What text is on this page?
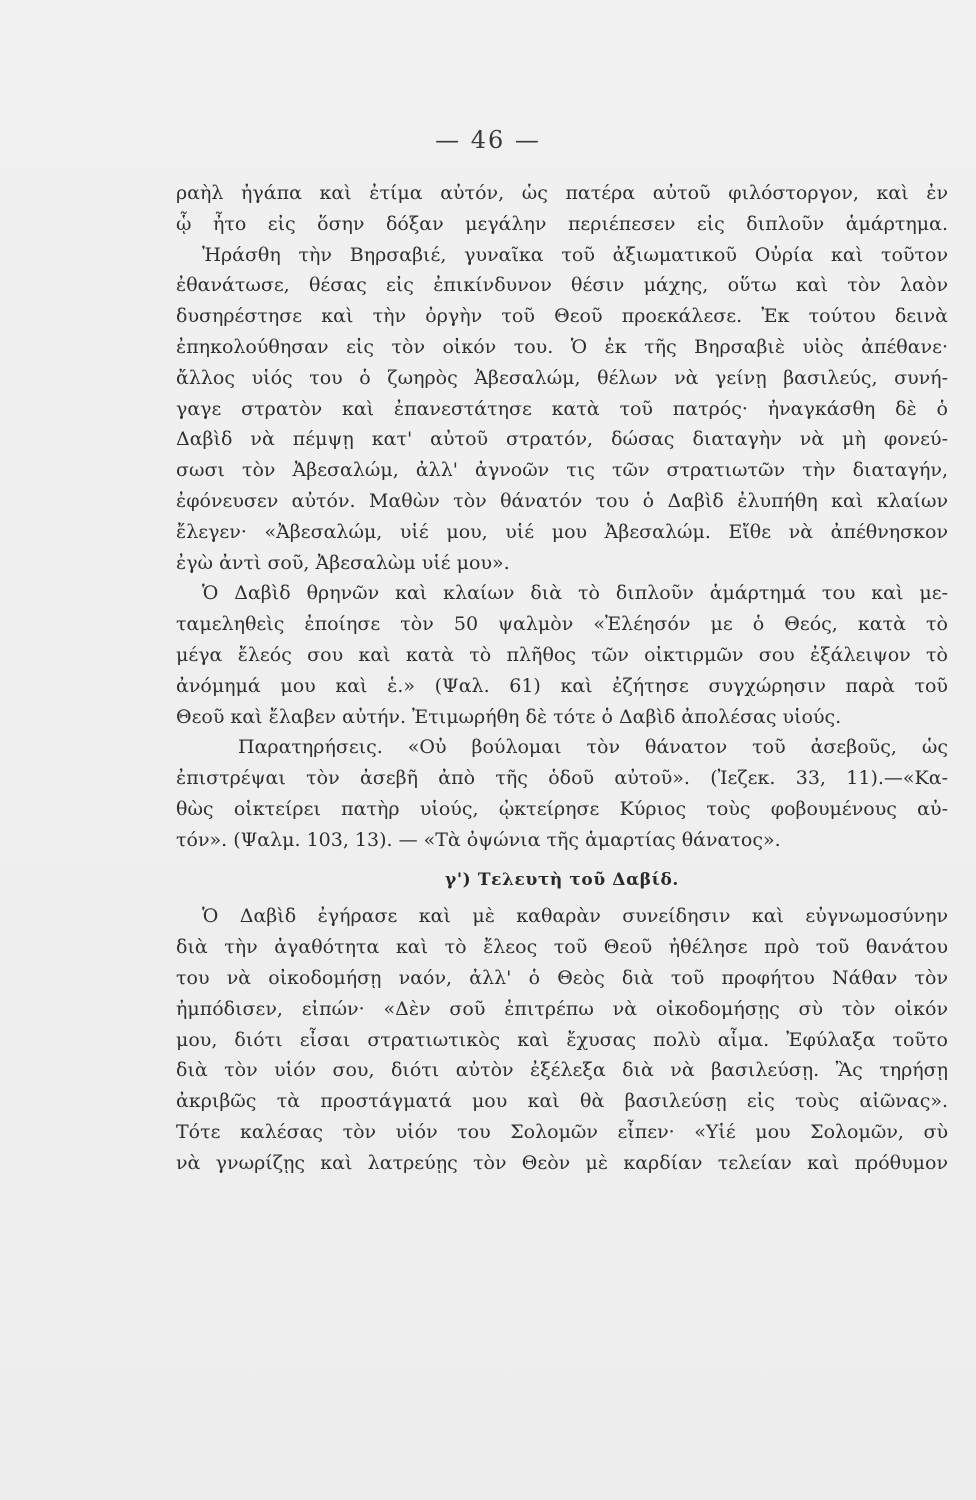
— 46 —
ραὴλ ἠγάπα καὶ ἐτίμα αὐτόν, ὡς πατέρα αὐτοῦ φιλόστοργον, καὶ ἐν
ᾧ ἦτο εἰς ὅσην δόξαν μεγάλην περιέπεσεν εἰς διπλοῦν ἁμάρτημα.
Ἠράσθη τὴν Βηρσαβιέ, γυναῖκα τοῦ ἀξιωματικοῦ Οὐρία καὶ τοῦτον
ἐθανάτωσε, θέσας εἰς ἐπικίνδυνον θέσιν μάχης, οὕτω καὶ τὸν λαὸν
δυσηρέστησε καὶ τὴν ὀργὴν τοῦ Θεοῦ προεκάλεσε. Ἐκ τούτου δεινὰ
ἐπηκολούθησαν εἰς τὸν οἰκόν του. Ὁ ἐκ τῆς Βηρσαβιὲ υἱὸς ἀπέθανε·
ἄλλος υἱός του ὁ ζωηρὸς Ἀβεσαλώμ, θέλων νὰ γείνῃ βασιλεύς, συνή-
γαγε στρατὸν καὶ ἐπανεστάτησε κατὰ τοῦ πατρός· ἠναγκάσθη δὲ ὁ
Δαβὶδ νὰ πέμψῃ κατ' αὐτοῦ στρατόν, δώσας διαταγὴν νὰ μὴ φονεύ-
σωσι τὸν Ἀβεσαλώμ, ἀλλ' ἀγνοῶν τις τῶν στρατιωτῶν τὴν διαταγήν,
ἐφόνευσεν αὐτόν. Μαθὼν τὸν θάνατόν του ὁ Δαβὶδ ἐλυπήθη καὶ κλαίων
ἔλεγεν· «Ἀβεσαλώμ, υἱέ μου, υἱέ μου Ἀβεσαλώμ. Εἴθε νὰ ἀπέθνησκον
ἐγὼ ἀντὶ σοῦ, Ἀβεσαλὼμ υἱέ μου».
Ὁ Δαβὶδ θρηνῶν καὶ κλαίων διὰ τὸ διπλοῦν ἁμάρτημά του καὶ με-
ταμεληθεὶς ἐποίησε τὸν 50 ψαλμὸν «Ἐλέησόν με ὁ Θεός, κατὰ τὸ
μέγα ἔλεός σου καὶ κατὰ τὸ πλῆθος τῶν οἰκτιρμῶν σου ἐξάλειψον τὸ
ἀνόμημά μου καὶ ἑ.» (Ψαλ. 61) καὶ ἐζήτησε συγχώρησιν παρὰ τοῦ
Θεοῦ καὶ ἔλαβεν αὐτήν. Ἐτιμωρήθη δὲ τότε ὁ Δαβὶδ ἀπολέσας υἱούς.
Παρατηρήσεις. «Οὐ βούλομαι τὸν θάνατον τοῦ ἀσεβοῦς, ὡς
ἐπιστρέψαι τὸν ἀσεβῆ ἀπὸ τῆς ὁδοῦ αὐτοῦ». (Ἰεζεκ. 33, 11).—«Κα-
θὼς οἰκτείρει πατὴρ υἱούς, ᾠκτείρησε Κύριος τοὺς φοβουμένους αὐ-
τόν». (Ψαλμ. 103, 13). — «Τὰ ὀψώνια τῆς ἁμαρτίας θάνατος».
γ') Τελευτὴ τοῦ Δαβίδ.
Ὁ Δαβὶδ ἐγήρασε καὶ μὲ καθαρὰν συνείδησιν καὶ εὐγνωμοσύνην
διὰ τὴν ἀγαθότητα καὶ τὸ ἔλεος τοῦ Θεοῦ ἠθέλησε πρὸ τοῦ θανάτου
του νὰ οἰκοδομήσῃ ναόν, ἀλλ' ὁ Θεὸς διὰ τοῦ προφήτου Νάθαν τὸν
ἠμπόδισεν, εἰπών· «Δὲν σοῦ ἐπιτρέπω νὰ οἰκοδομήσῃς σὺ τὸν οἰκόν
μου, διότι εἶσαι στρατιωτικὸς καὶ ἔχυσας πολὺ αἷμα. Ἐφύλαξα τοῦτο
διὰ τὸν υἱόν σου, διότι αὐτὸν ἐξέλεξα διὰ νὰ βασιλεύσῃ. Ἂς τηρήσῃ
ἀκριβῶς τὰ προστάγματά μου καὶ θὰ βασιλεύσῃ εἰς τοὺς αἰῶνας».
Τότε καλέσας τὸν υἱόν του Σολομῶν εἶπεν· «Υἱέ μου Σολομῶν, σὺ
νὰ γνωρίζῃς καὶ λατρεύῃς τὸν Θεὸν μὲ καρδίαν τελείαν καὶ πρόθυμον
